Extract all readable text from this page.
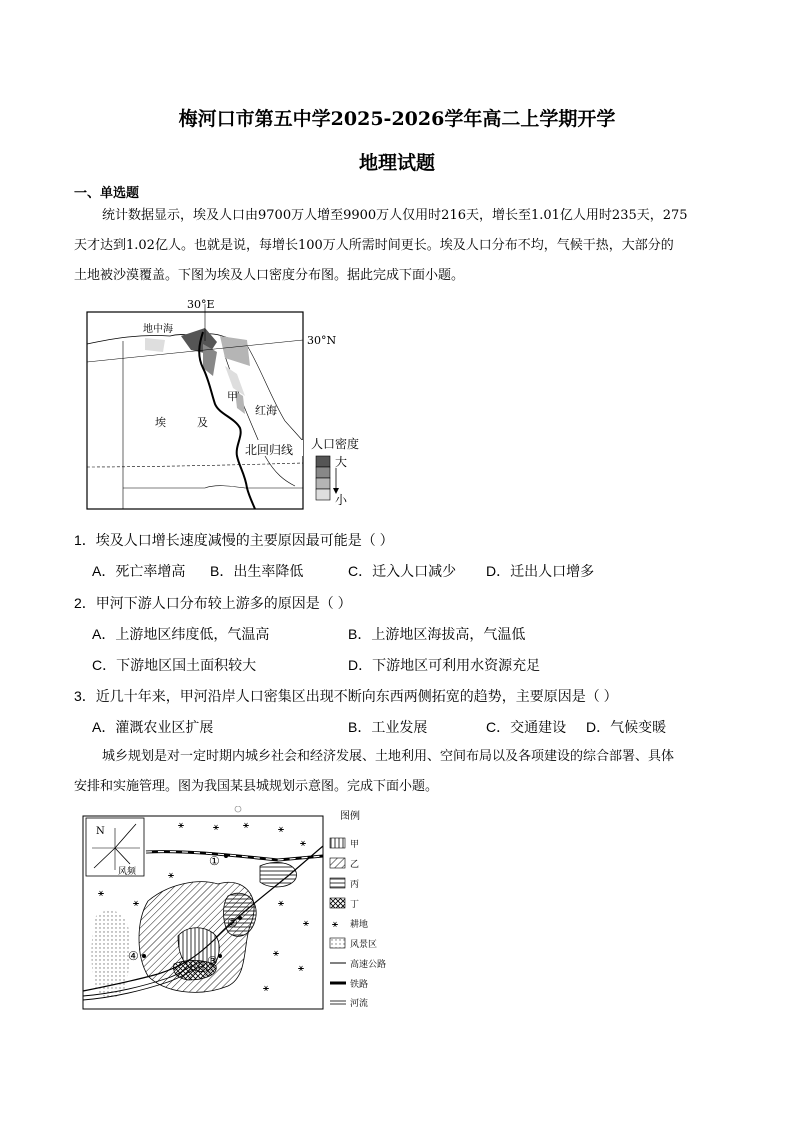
梅河口市第五中学2025-2026学年高二上学期开学
地理试题
一、单选题
统计数据显示，埃及人口由9700万人增至9900万人仅用时216天，增长至1.01亿人用时235天，275
天才达到1.02亿人。也就是说，每增长100万人所需时间更长。埃及人口分布不均，气候干热，大部分的
土地被沙漠覆盖。下图为埃及人口密度分布图。据此完成下面小题。
30°E
30°N
地中海
埃	及
甲
红海
北回归线 人口密度
大
小
1．埃及人口增长速度减慢的主要原因最可能是（ ）
A．死亡率增高 B．出生率降低	C．迁入人口减少 D．迁出人口增多
2．甲河下游人口分布较上游多的原因是（ ）
A．上游地区纬度低，气温高	B．上游地区海拔高，气温低
C．下游地区国土面积较大	D．下游地区可利用水资源充足
3．近几十年来，甲河沿岸人口密集区出现不断向东西两侧拓宽的趋势，主要原因是（ ）
A．灌溉农业区扩展	B．工业发展	C．交通建设 D．气候变暖
城乡规划是对一定时期内城乡社会和经济发展、土地利用、空间布局以及各项建设的综合部署、具体
安排和实施管理。图为我国某县城规划示意图。完成下面小题。
N
风频
⚹	⚹ ⚹	⚹
⚹
⚹
⚹
⚹
⚹
⚹
⚹
⚹
⚹
①
②
③
④
图例
⚹
甲
乙
丙
丁
耕地
风景区
高速公路
铁路
河流
